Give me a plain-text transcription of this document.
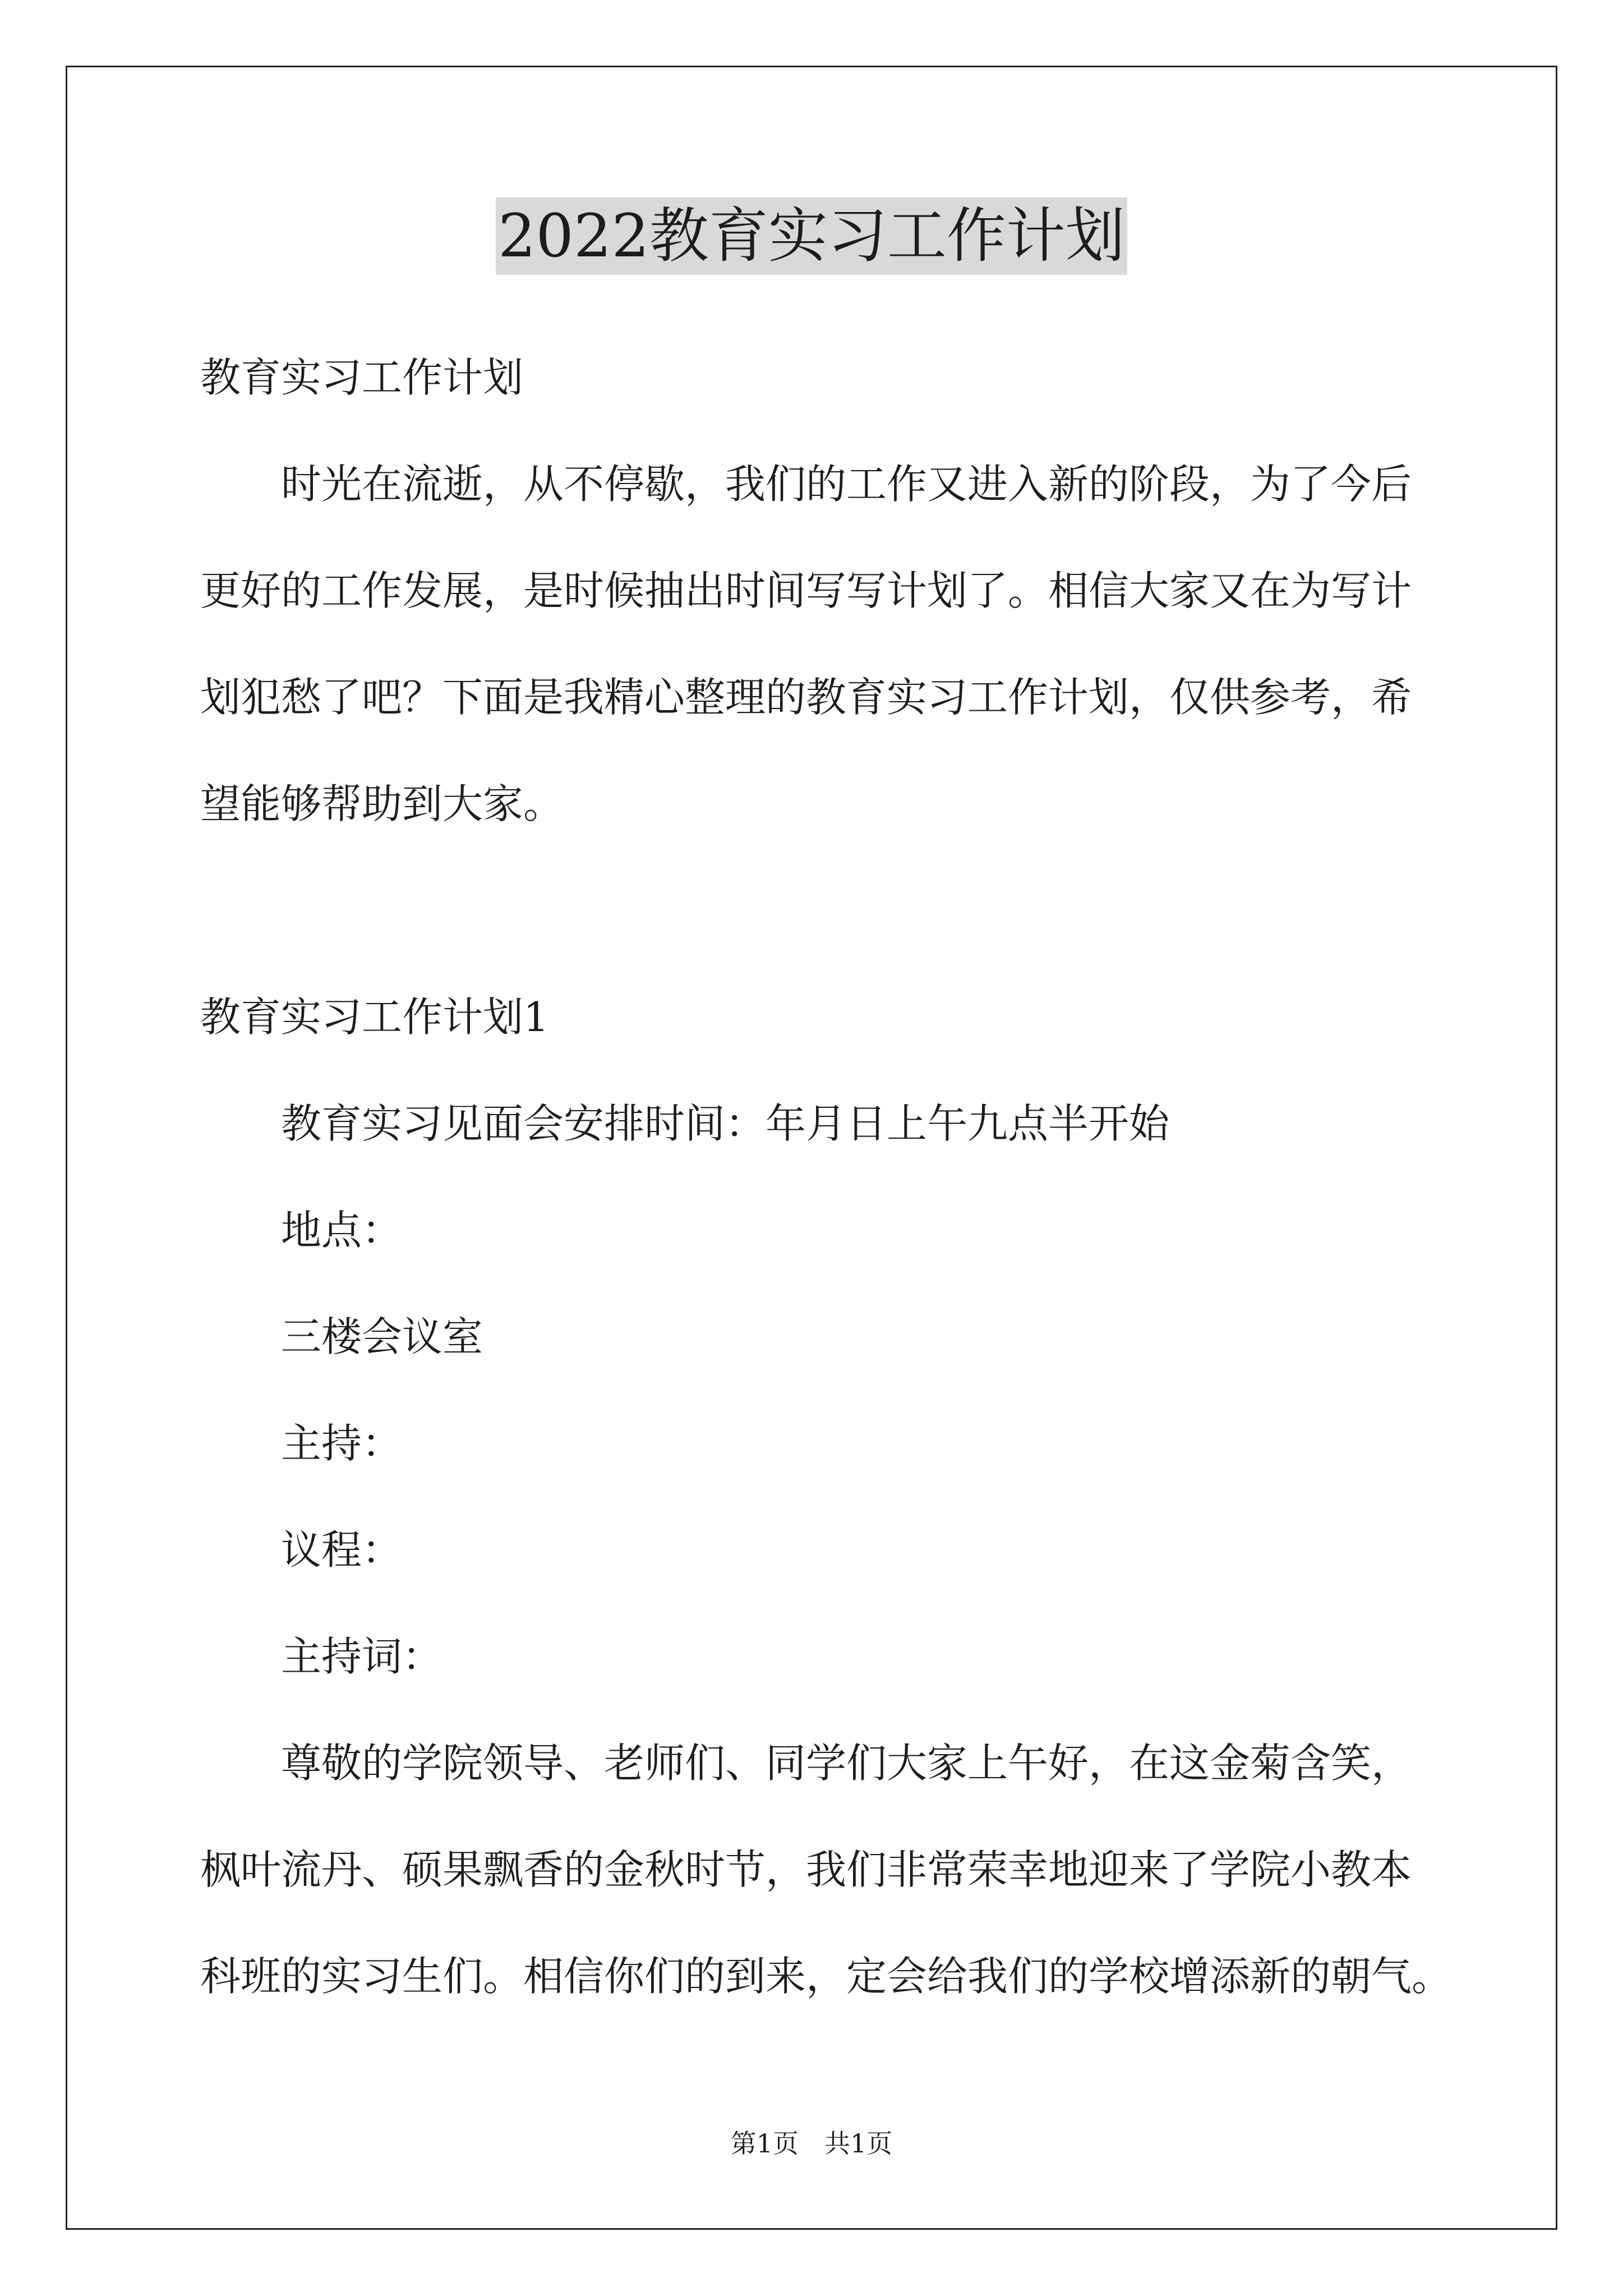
2022教育实习工作计划
教育实习工作计划
时光在流逝，从不停歇，我们的工作又进入新的阶段，为了今后
更好的工作发展，是时候抽出时间写写计划了。相信大家又在为写计
划犯愁了吧？下面是我精心整理的教育实习工作计划，仅供参考，希
望能够帮助到大家。
教育实习工作计划1
教育实习见面会安排时间：年月日上午九点半开始
地点：
三楼会议室
主持：
议程：
主持词：
尊敬的学院领导、老师们、同学们大家上午好，在这金菊含笑，
枫叶流丹、硕果飘香的金秋时节，我们非常荣幸地迎来了学院小教本
科班的实习生们。相信你们的到来，定会给我们的学校增添新的朝气。
第1页　共1页
